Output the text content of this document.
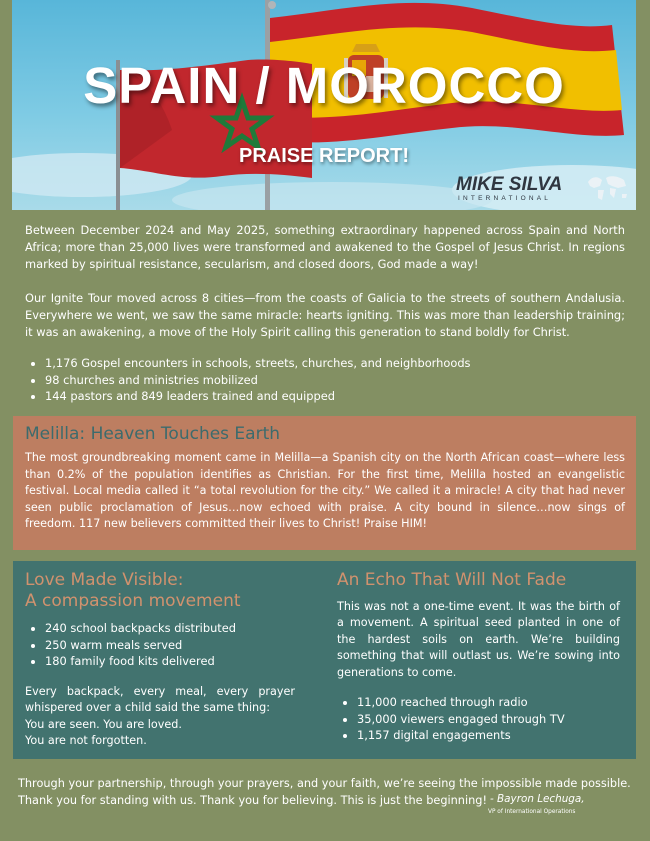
SPAIN / MOROCCO
PRAISE REPORT!
MIKE SILVA
INTERNATIONAL

Between December 2024 and May 2025, something extraordinary happened across Spain and North Africa; more than 25,000 lives were transformed and awakened to the Gospel of Jesus Christ. In regions marked by spiritual resistance, secularism, and closed doors, God made a way!

Our Ignite Tour moved across 8 cities—from the coasts of Galicia to the streets of southern Andalusia. Everywhere we went, we saw the same miracle: hearts igniting. This was more than leadership training; it was an awakening, a move of the Holy Spirit calling this generation to stand boldly for Christ.

• 1,176 Gospel encounters in schools, streets, churches, and neighborhoods
• 98 churches and ministries mobilized
• 144 pastors and 849 leaders trained and equipped
Melilla: Heaven Touches Earth

The most groundbreaking moment came in Melilla—a Spanish city on the North African coast—where less than 0.2% of the population identifies as Christian. For the first time, Melilla hosted an evangelistic festival. Local media called it “a total revolution for the city.” We called it a miracle! A city that had never seen public proclamation of Jesus…now echoed with praise. A city bound in silence…now sings of freedom. 117 new believers committed their lives to Christ! Praise HIM!

Love Made Visible:
A compassion movement
• 240 school backpacks distributed
• 250 warm meals served
• 180 family food kits delivered

Every backpack, every meal, every prayer whispered over a child said the same thing:

You are seen. You are loved.

You are not forgotten.

An Echo That Will Not Fade

This was not a one-time event. It was the birth of a movement. A spiritual seed planted in one of the hardest soils on earth. We’re building something that will outlast us. We’re sowing into generations to come.

• 11,000 reached through radio
• 35,000 viewers engaged through TV
• 1,157 digital engagements

Through your partnership, through your prayers, and your faith, we’re seeing the impossible made possible. Thank you for standing with us. Thank you for believing. This is just the beginning! - Bayron Lechuga,
VP of International Operations
